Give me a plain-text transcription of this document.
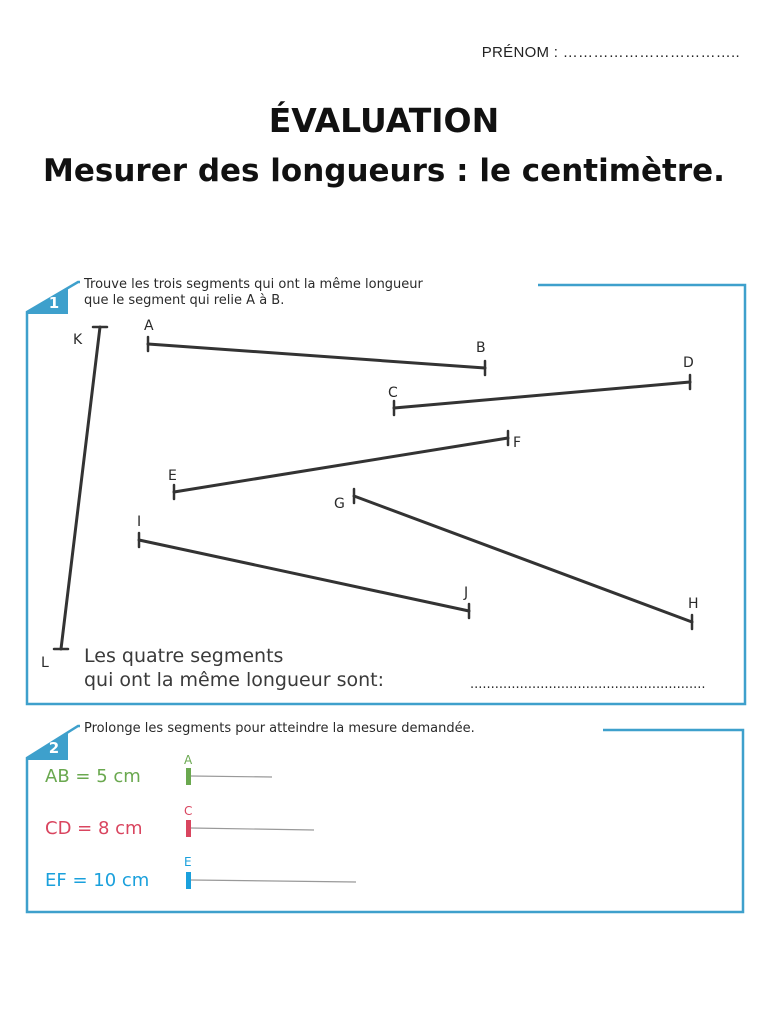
PRÉNOM : ……………………………..
ÉVALUATION
Mesurer des longueurs : le centimètre.
1
Trouve les trois segments qui ont la même longueur
que le segment qui relie A à B.
A
B
C
D
E
F
G
H
I
J
K
L Les quatre segments
qui ont la même longueur sont:	.........................................................
2
Prolonge les segments pour atteindre la mesure demandée.
AB = 5 cm
A
CD = 8 cm
C
EF = 10 cm
E
